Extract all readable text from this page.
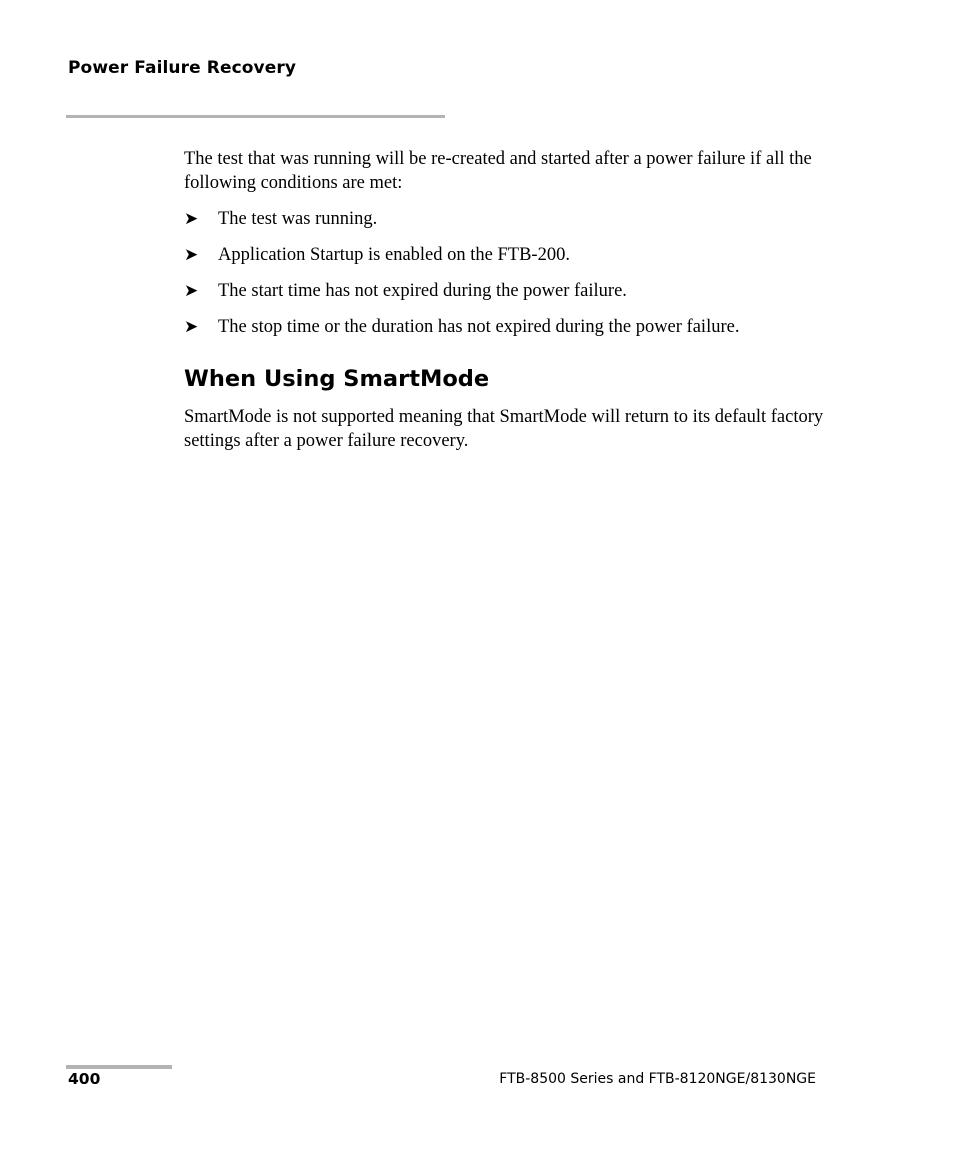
Power Failure Recovery

The test that was running will be re-created and started after a power failure if all the following conditions are met:

➤ The test was running.
➤ Application Startup is enabled on the FTB-200.
➤ The start time has not expired during the power failure.
➤ The stop time or the duration has not expired during the power failure.
When Using SmartMode

SmartMode is not supported meaning that SmartMode will return to its default factory settings after a power failure recovery.

400	FTB-8500 Series and FTB-8120NGE/8130NGE
